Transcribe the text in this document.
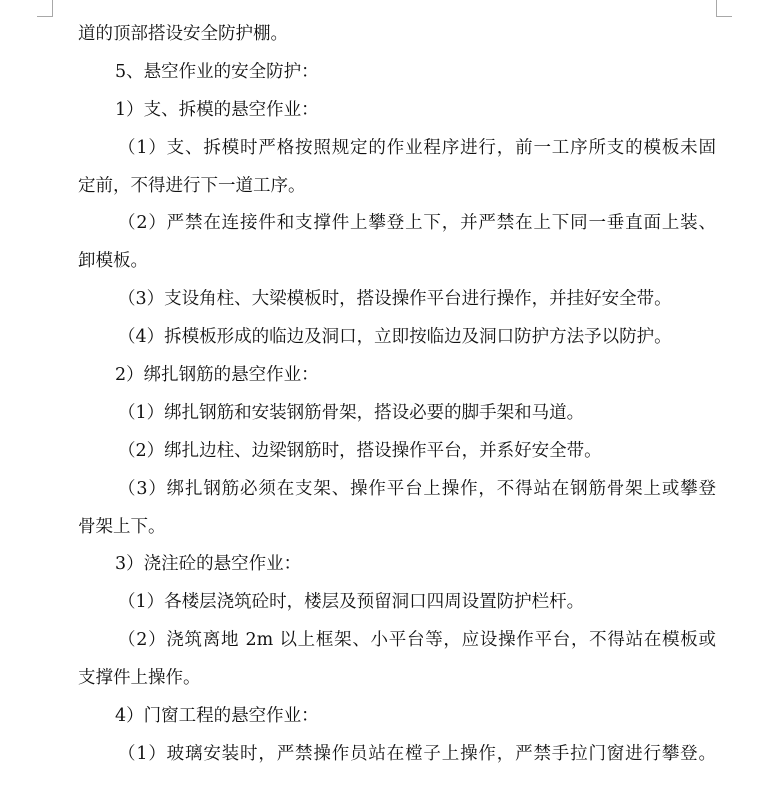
道的顶部搭设安全防护棚。
5、悬空作业的安全防护：
1）支、拆模的悬空作业：
（1）支、拆模时严格按照规定的作业程序进行，前一工序所支的模板未固
定前，不得进行下一道工序。
（2）严禁在连接件和支撑件上攀登上下，并严禁在上下同一垂直面上装、
卸模板。
（3）支设角柱、大梁模板时，搭设操作平台进行操作，并挂好安全带。
（4）拆模板形成的临边及洞口，立即按临边及洞口防护方法予以防护。
2）绑扎钢筋的悬空作业：
（1）绑扎钢筋和安装钢筋骨架，搭设必要的脚手架和马道。
（2）绑扎边柱、边梁钢筋时，搭设操作平台，并系好安全带。
（3）绑扎钢筋必须在支架、操作平台上操作，不得站在钢筋骨架上或攀登
骨架上下。
3）浇注砼的悬空作业：
（1）各楼层浇筑砼时，楼层及预留洞口四周设置防护栏杆。
（2）浇筑离地 2m 以上框架、小平台等，应设操作平台，不得站在模板或
支撑件上操作。
4）门窗工程的悬空作业：
（1）玻璃安装时，严禁操作员站在樘子上操作，严禁手拉门窗进行攀登。
